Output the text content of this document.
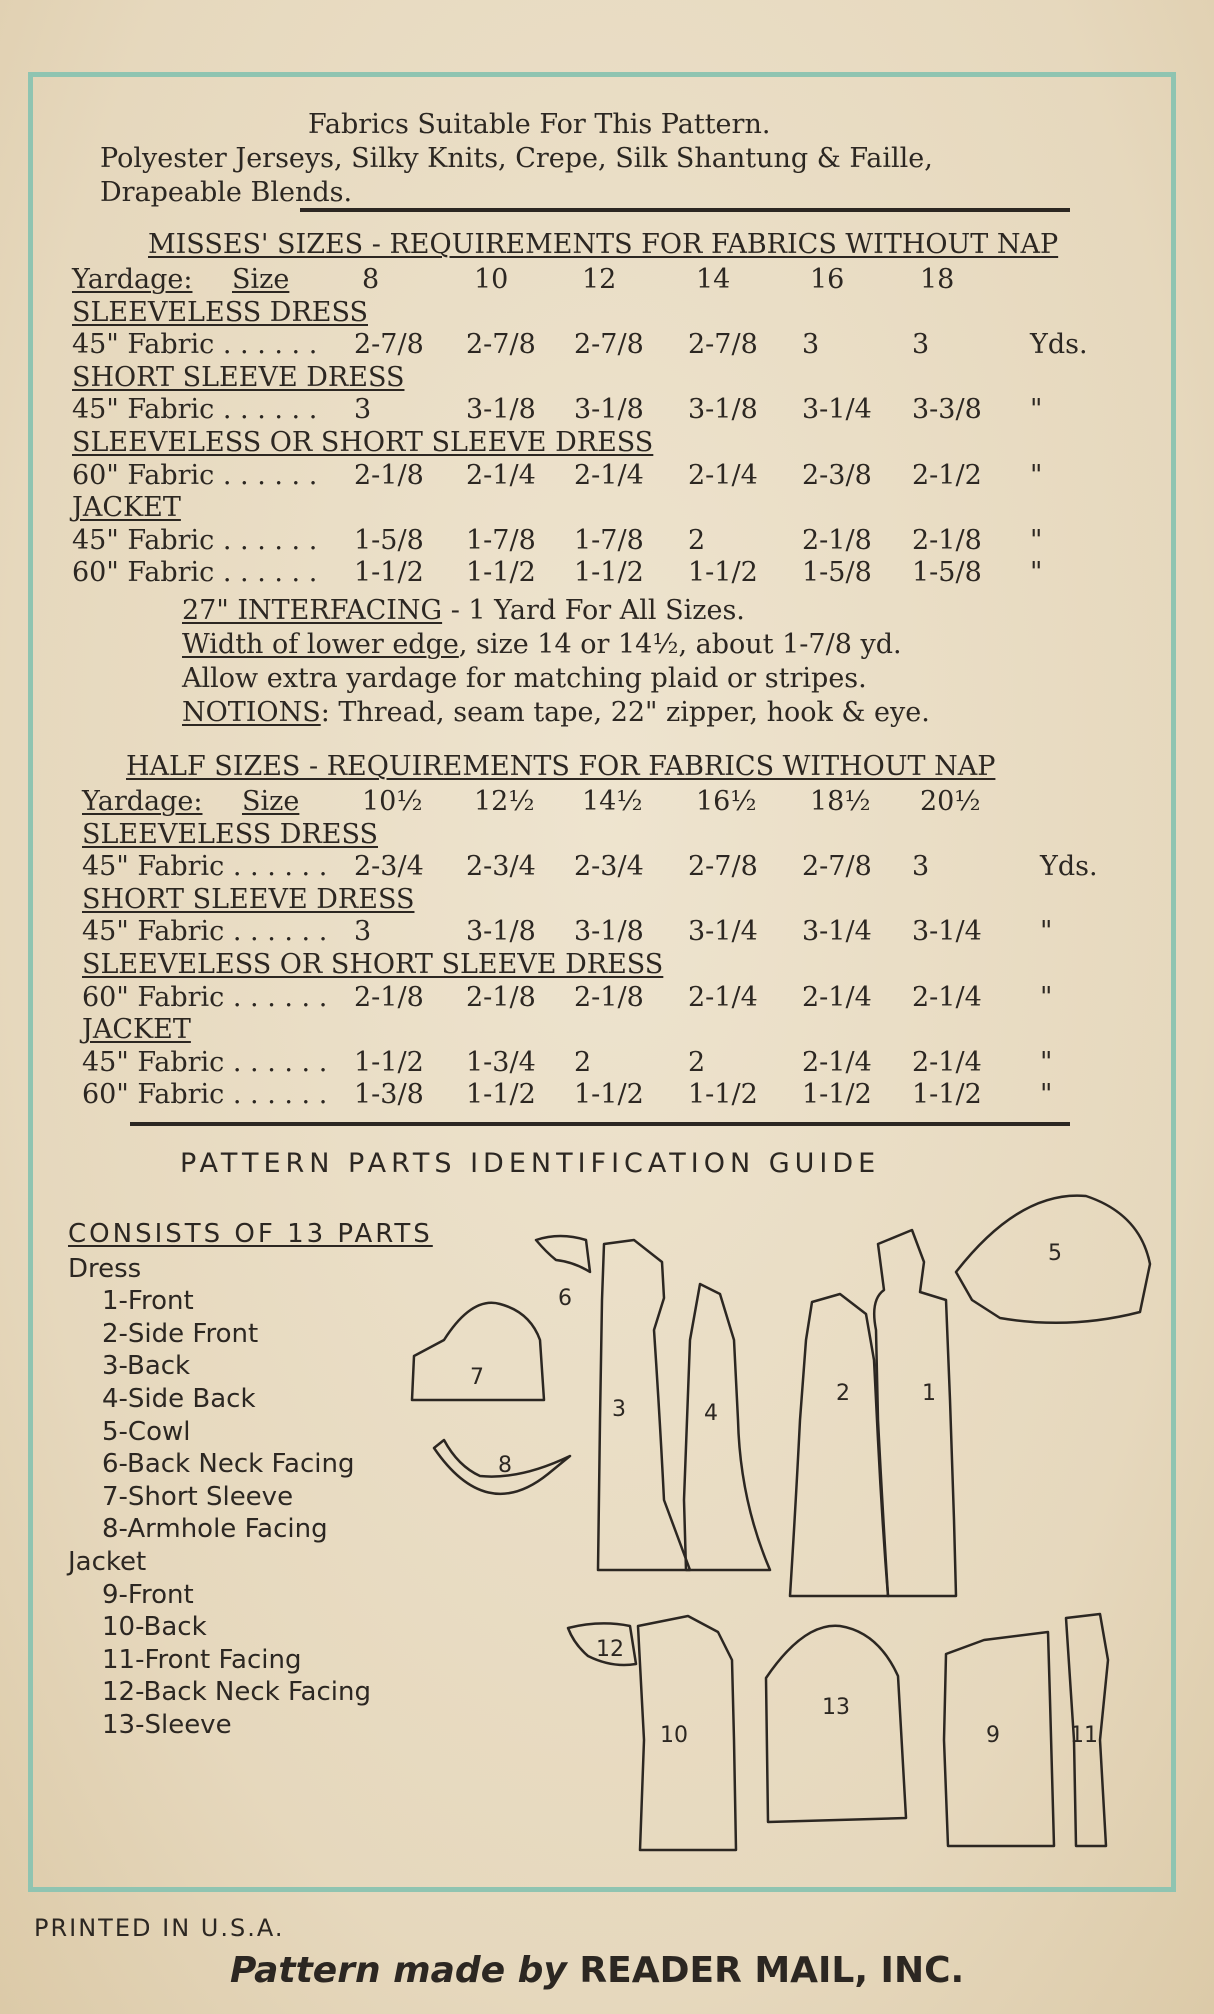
Fabrics Suitable For This Pattern.
Polyester Jerseys, Silky Knits, Crepe, Silk Shantung & Faille,
Drapeable Blends.
MISSES' SIZES - REQUIREMENTS FOR FABRICS WITHOUT NAP
Yardage: Size	8	10	12	14	16	18
SLEEVELESS DRESS
45" Fabric . . . . . . 2-7/8 2-7/8 2-7/8 2-7/8 3	3	Yds.
SHORT SLEEVE DRESS
45" Fabric . . . . . . 3	3-1/8 3-1/8 3-1/8 3-1/4 3-3/8 "
SLEEVELESS OR SHORT SLEEVE DRESS
60" Fabric . . . . . . 2-1/8 2-1/4 2-1/4 2-1/4 2-3/8 2-1/2 "
JACKET
45" Fabric . . . . . . 1-5/8 1-7/8 1-7/8 2	2-1/8 2-1/8 "
60" Fabric . . . . . . 1-1/2 1-1/2 1-1/2 1-1/2 1-5/8 1-5/8 "
27" INTERFACING - 1 Yard For All Sizes.
Width of lower edge, size 14 or 14½, about 1-7/8 yd.
Allow extra yardage for matching plaid or stripes.
NOTIONS: Thread, seam tape, 22" zipper, hook & eye.
HALF SIZES - REQUIREMENTS FOR FABRICS WITHOUT NAP
Yardage: Size 10½ 12½ 14½ 16½ 18½ 20½
SLEEVELESS DRESS
45" Fabric . . . . . . 2-3/4 2-3/4 2-3/4 2-7/8 2-7/8 3	Yds.
SHORT SLEEVE DRESS
45" Fabric . . . . . . 3	3-1/8 3-1/8 3-1/4 3-1/4 3-1/4 "
SLEEVELESS OR SHORT SLEEVE DRESS
60" Fabric . . . . . . 2-1/8 2-1/8 2-1/8 2-1/4 2-1/4 2-1/4 "
JACKET
45" Fabric . . . . . . 1-1/2 1-3/4 2	2	2-1/4 2-1/4 "
60" Fabric . . . . . . 1-3/8 1-1/2 1-1/2 1-1/2 1-1/2 1-1/2 "
PATTERN PARTS IDENTIFICATION GUIDE
CONSISTS OF 13 PARTS
Dress
1-Front
2-Side Front
3-Back
4-Side Back
5-Cowl
6-Back Neck Facing
7-Short Sleeve
8-Armhole Facing
Jacket
9-Front
10-Back
11-Front Facing
12-Back Neck Facing
13-Sleeve
6
3	4
2	1
5
7
8
12
10
13
9	11
PRINTED IN U.S.A.
Pattern made by READER MAIL, INC.
